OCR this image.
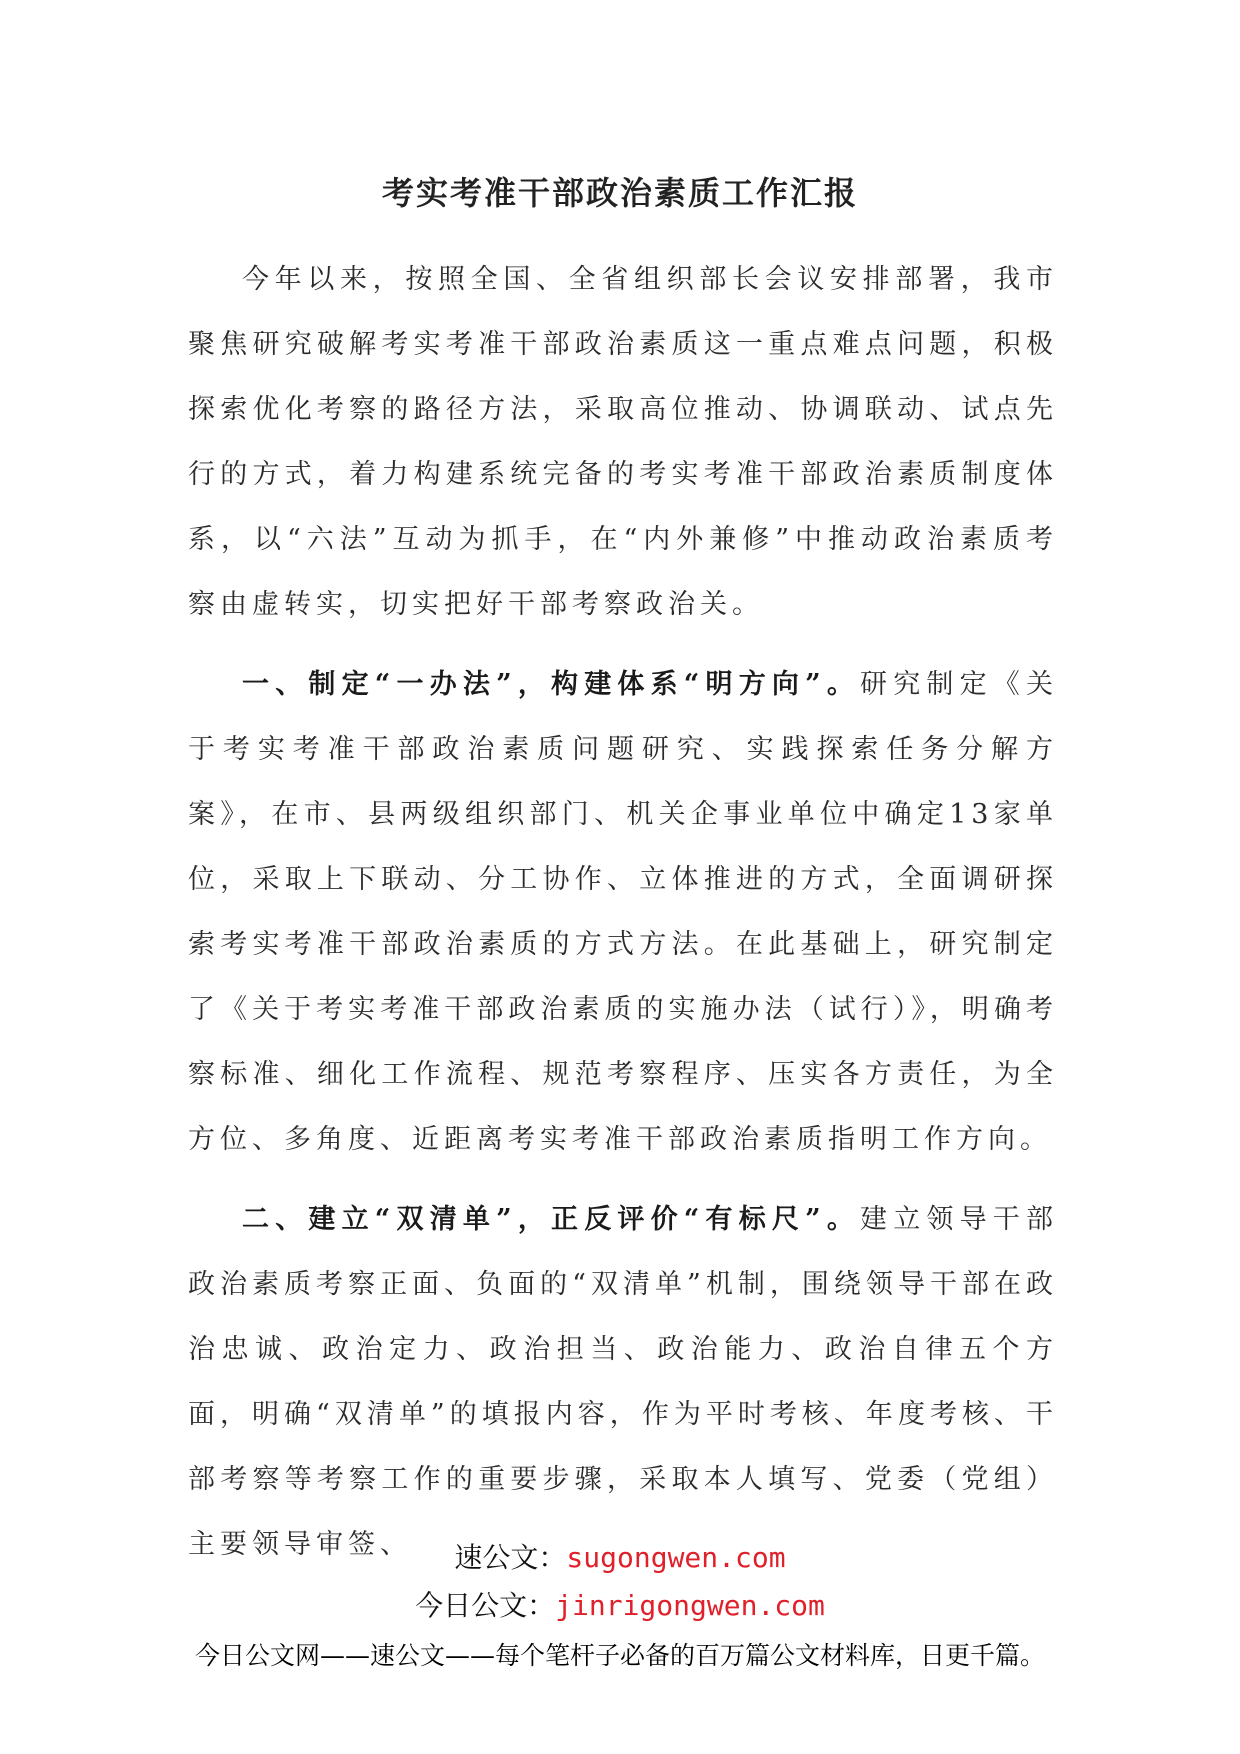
考实考准干部政治素质工作汇报
今年以来，按照全国、全省组织部长会议安排部署，我市聚焦研究破解考实考准干部政治素质这一重点难点问题，积极探索优化考察的路径方法，采取高位推动、协调联动、试点先行的方式，着力构建系统完备的考实考准干部政治素质制度体系，以“六法”互动为抓手，在“内外兼修”中推动政治素质考察由虚转实，切实把好干部考察政治关。
一、制定“一办法”，构建体系“明方向”。研究制定《关于考实考准干部政治素质问题研究、实践探索任务分解方案》，在市、县两级组织部门、机关企事业单位中确定13家单位，采取上下联动、分工协作、立体推进的方式，全面调研探索考实考准干部政治素质的方式方法。在此基础上，研究制定了《关于考实考准干部政治素质的实施办法（试行）》，明确考察标准、细化工作流程、规范考察程序、压实各方责任，为全方位、多角度、近距离考实考准干部政治素质指明工作方向。
二、建立“双清单”，正反评价“有标尺”。建立领导干部政治素质考察正面、负面的“双清单”机制，围绕领导干部在政治忠诚、政治定力、政治担当、政治能力、政治自律五个方面，明确“双清单”的填报内容，作为平时考核、年度考核、干部考察等考察工作的重要步骤，采取本人填写、党委（党组）主要领导审签、	速公文：sugongwen.com
今日公文：jinrigongwen.com
今日公文网——速公文——每个笔杆子必备的百万篇公文材料库，日更千篇。
